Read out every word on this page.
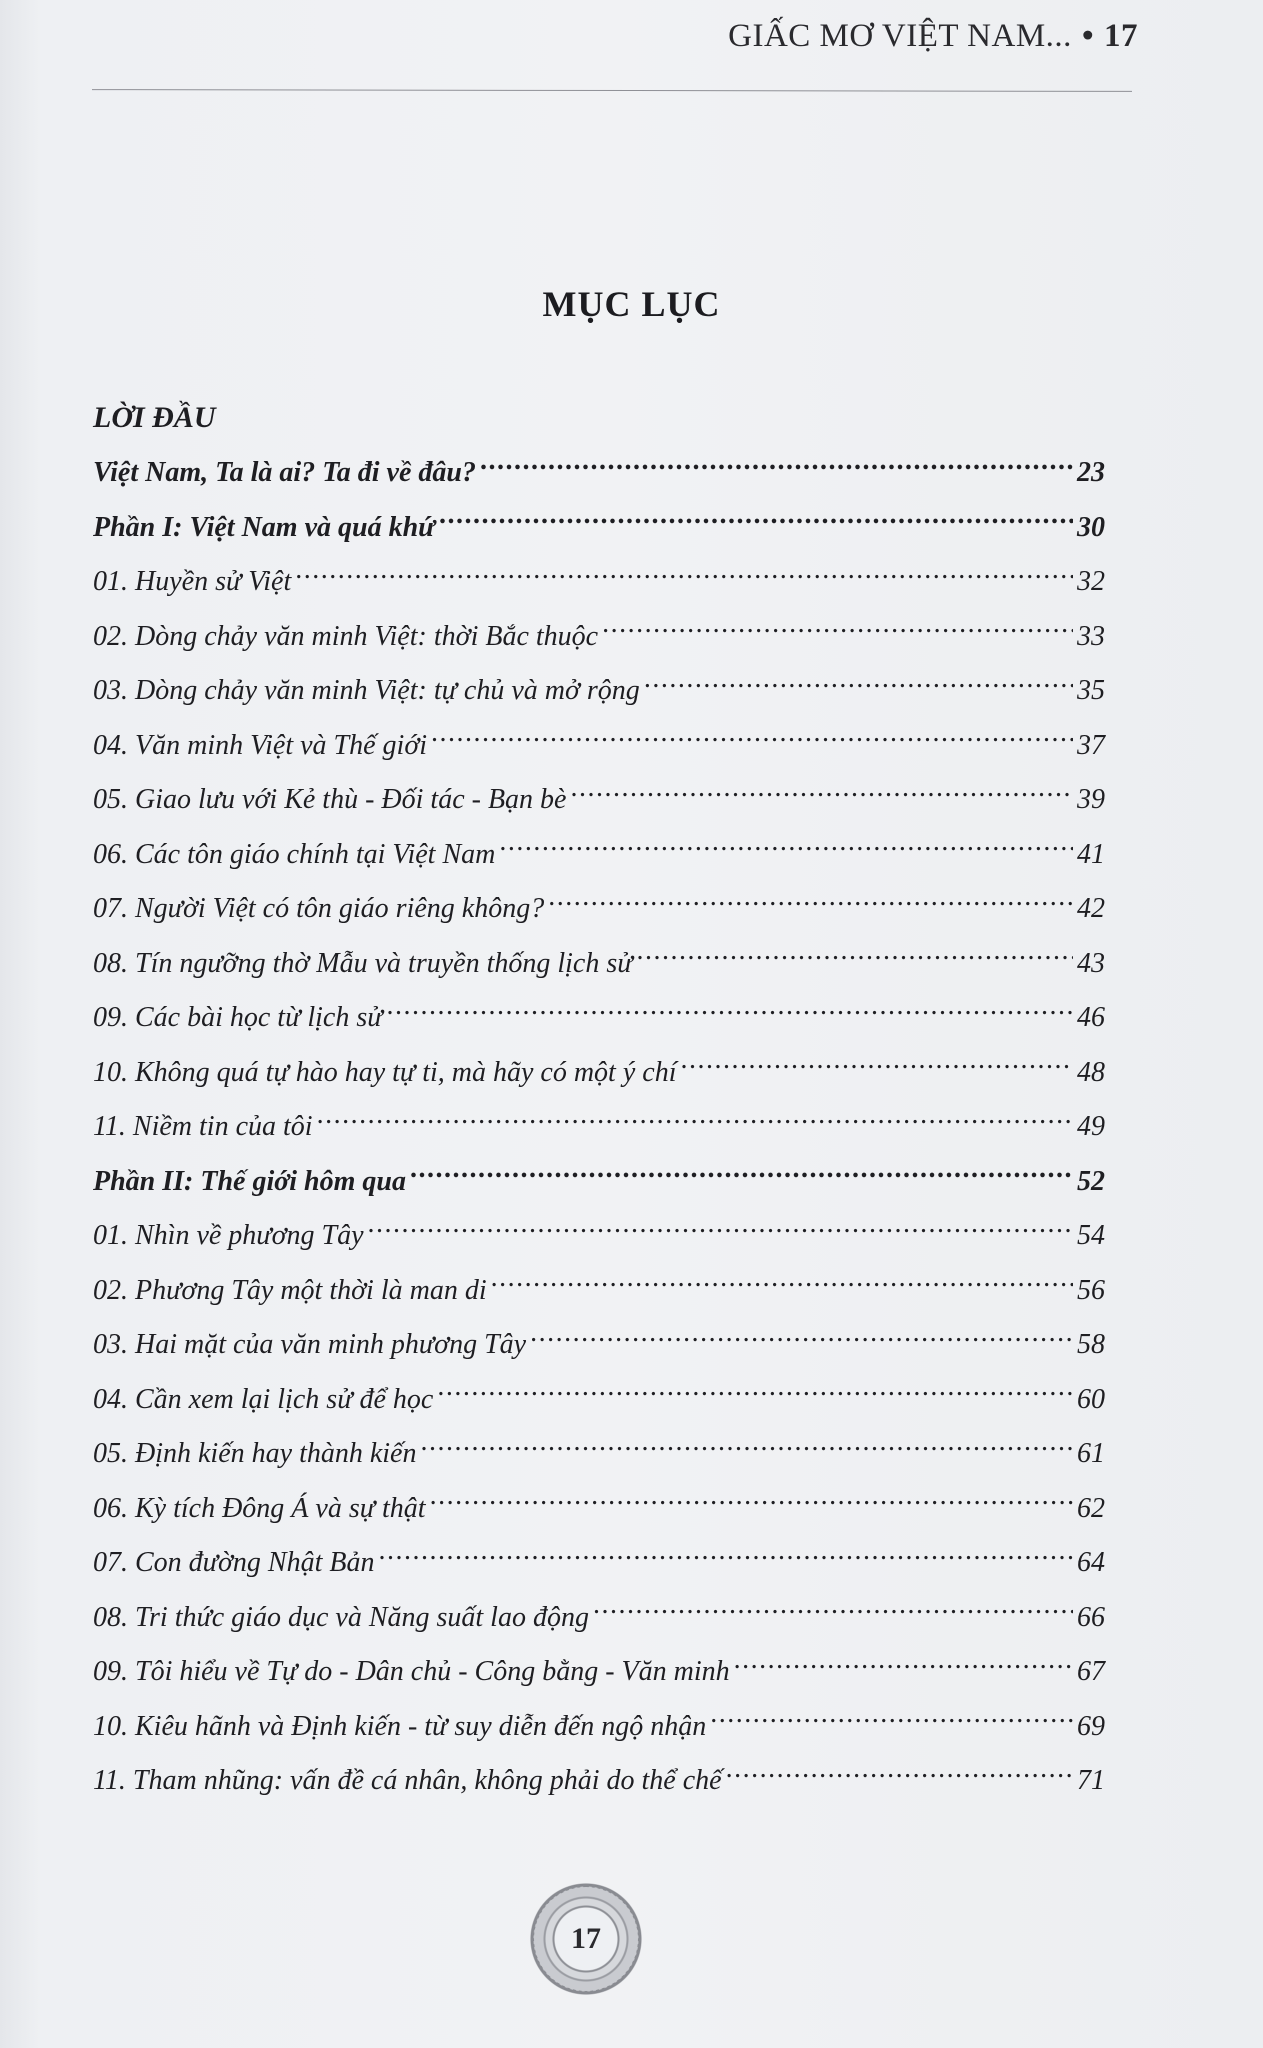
GIẤC MƠ VIỆT NAM... • 17
MỤC LỤC
LỜI ĐẦU
Việt Nam, Ta là ai? Ta đi về đâu? .....	23
Phần I: Việt Nam và quá khứ .....	30
01. Huyền sử Việt .....	32
02. Dòng chảy văn minh Việt: thời Bắc thuộc .....	33
03. Dòng chảy văn minh Việt: tự chủ và mở rộng .....	35
04. Văn minh Việt và Thế giới .....	37
05. Giao lưu với Kẻ thù - Đối tác - Bạn bè .....	39
06. Các tôn giáo chính tại Việt Nam .....	41
07. Người Việt có tôn giáo riêng không? .....	42
08. Tín ngưỡng thờ Mẫu và truyền thống lịch sử .....	43
09. Các bài học từ lịch sử .....	46
10. Không quá tự hào hay tự ti, mà hãy có một ý chí .....	48
11. Niềm tin của tôi .....	49
Phần II: Thế giới hôm qua .....	52
01. Nhìn về phương Tây .....	54
02. Phương Tây một thời là man di .....	56
03. Hai mặt của văn minh phương Tây .....	58
04. Cần xem lại lịch sử để học .....	60
05. Định kiến hay thành kiến .....	61
06. Kỳ tích Đông Á và sự thật .....	62
07. Con đường Nhật Bản .....	64
08. Tri thức giáo dục và Năng suất lao động .....	66
09. Tôi hiểu về Tự do - Dân chủ - Công bằng - Văn minh .....	67
10. Kiêu hãnh và Định kiến - từ suy diễn đến ngộ nhận .....	69
11. Tham nhũng: vấn đề cá nhân, không phải do thể chế .....	71
17
